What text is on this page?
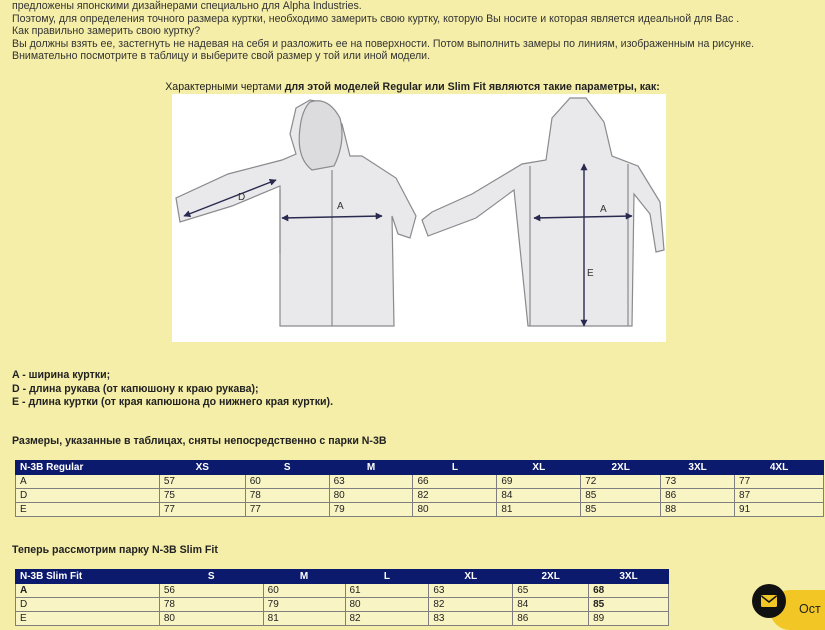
предложены японскими дизайнерами специально для Alpha Industries.
Поэтому, для определения точного размера куртки, необходимо замерить свою куртку, которую Вы носите и которая является идеальной для Вас .
Как правильно замерить свою куртку?
Вы должны взять ее, застегнуть не надевая на себя и разложить ее на поверхности. Потом выполнить замеры по линиям, изображенным на рисунке.
Внимательно посмотрите в таблицу и выберите свой размер у той или иной модели.
Характерными чертами для этой моделей Regular или Slim Fit являются такие параметры, как:
D
A	A
E
A - ширина куртки;
D - длина рукава (от капюшону к краю рукава);
E - длина куртки (от края капюшона до нижнего края куртки).
Размеры, указанные в таблицах, сняты непосредственно с парки N-3B
N-3B Regular	XS	S	M	L	XL	2XL	3XL	4XL
A	57	60	63	66	69	72	73	77
D	75	78	80	82	84	85	86	87
E	77	77	79	80	81	85	88	91
Теперь рассмотрим парку N-3B Slim Fit
N-3B Slim Fit	S	M	L	XL	2XL	3XL
A	56	60	61	63	65	68
D	78	79	80	82	84	85
E	80	81	82	83	86	89
Ост
